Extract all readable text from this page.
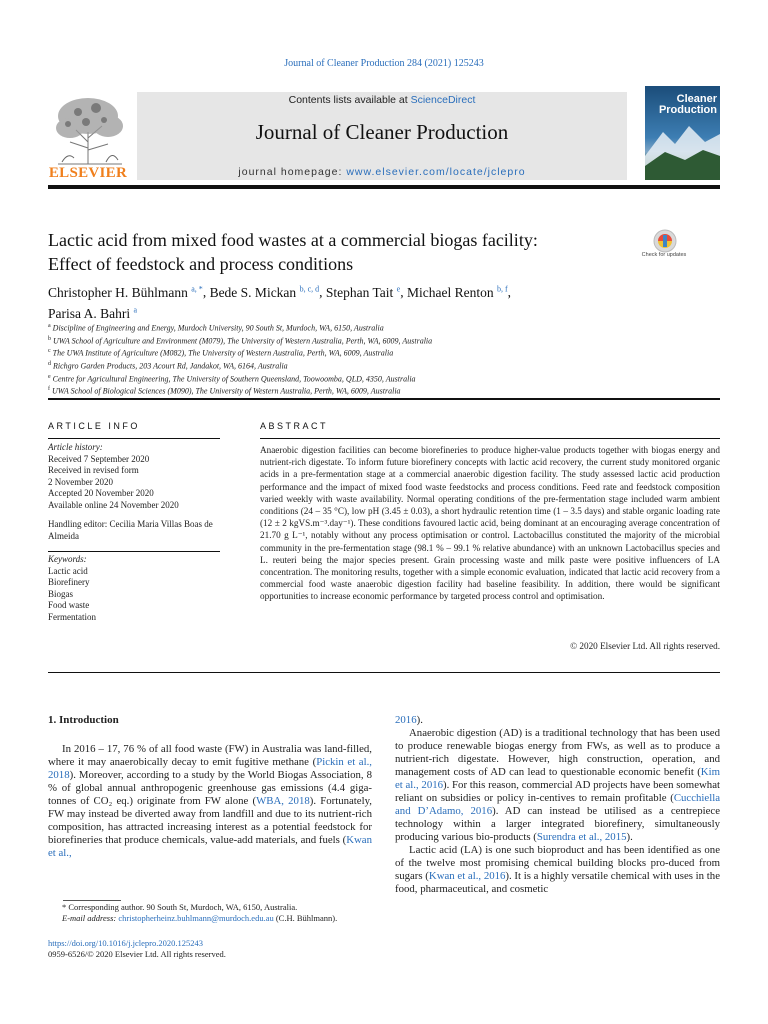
Journal of Cleaner Production 284 (2021) 125243
ELSEVIER
Contents lists available at ScienceDirect
Journal of Cleaner Production
journal homepage: www.elsevier.com/locate/jclepro
Cleaner
Production
Lactic acid from mixed food wastes at a commercial biogas facility:
Effect of feedstock and process conditions	Check for updates
Christopher H. Bühlmann $^{a, *}$, Bede S. Mickan $^{b, c, d}$, Stephan Tait $^e$, Michael Renton $^{b, f}$,
Parisa A. Bahri $^a$
$^a$ Discipline of Engineering and Energy, Murdoch University, 90 South St, Murdoch, WA, 6150, Australia
$^b$ UWA School of Agriculture and Environment (M079), The University of Western Australia, Perth, WA, 6009, Australia
$^c$ The UWA Institute of Agriculture (M082), The University of Western Australia, Perth, WA, 6009, Australia
$^d$ Richgro Garden Products, 203 Acourt Rd, Jandakot, WA, 6164, Australia
$^e$ Centre for Agricultural Engineering, The University of Southern Queensland, Toowoomba, QLD, 4350, Australia
$^f$ UWA School of Biological Sciences (M090), The University of Western Australia, Perth, WA, 6009, Australia
ARTICLE INFO	ABSTRACT
Article history:
Received 7 September 2020
Received in revised form
2 November 2020
Accepted 20 November 2020
Available online 24 November 2020
Handling editor: Cecilia Maria Villas Boas de Almeida
Keywords:
Lactic acid
Biorefinery
Biogas
Food waste
Fermentation
Anaerobic digestion facilities can become biorefineries to produce higher-value products together with biogas energy and nutrient-rich digestate. To inform future biorefinery concepts with lactic acid recovery, the current study monitored organic acids in a pre-fermentation stage at a commercial anaerobic digestion facility. The study assessed lactic acid production performance and the impact of mixed food waste feedstocks and process conditions. Feed rate and feedstock composition varied weekly with waste availability. Normal operating conditions of the pre-fermentation stage included warm ambient conditions (24 – 35 °C), low pH (3.45 ± 0.03), a short hydraulic retention time (1 – 3.5 days) and stable organic loading rate (12 ± 2 kgVS.m⁻³.day⁻¹). These conditions favoured lactic acid, being dominant at an encouraging average concentration of 21.70 g L⁻¹, notably without any process optimisation or control. Lactobacillus constituted the majority of the microbial community in the pre-fermentation stage (98.1 % – 99.1 % relative abundance) with an unknown Lactobacillus species and L. reuteri being the major species present. Grain processing waste and milk paste were positive influencers of LA concentration. The monitoring results, together with a simple economic evaluation, indicated that lactic acid recovery from a commercial food waste anaerobic digestion facility had baseline feasibility. In addition, there would be significant opportunities to increase economic performance by targeted process control and optimisation.
© 2020 Elsevier Ltd. All rights reserved.
1. Introduction

In 2016 – 17, 76 % of all food waste (FW) in Australia was land-filled, where it may anaerobically decay to emit fugitive methane (Pickin et al., 2018). Moreover, according to a study by the World Biogas Association, 8 % of global annual anthropogenic greenhouse gas emissions (4.4 giga-tonnes of CO₂ eq.) originate from FW alone (WBA, 2018). Fortunately, FW may instead be diverted away from landfill and due to its nutrient-rich composition, has attracted increasing interest as a potential feedstock for biorefineries that produce chemicals, value-add materials, and fuels (Kwan et al.,

2016).

Anaerobic digestion (AD) is a traditional technology that has been used to produce renewable biogas energy from FWs, as well as to produce a nutrient-rich digestate. However, high construction, operation, and management costs of AD can lead to questionable economic benefit (Kim et al., 2016). For this reason, commercial AD projects have been somewhat reliant on subsidies or policy in-centives to remain profitable (Cucchiella and D’Adamo, 2016). AD can instead be utilised as a centrepiece technology within a larger integrated biorefinery, simultaneously producing various bio-products (Surendra et al., 2015).

Lactic acid (LA) is one such bioproduct and has been identified as one of the twelve most promising chemical building blocks pro-duced from sugars (Kwan et al., 2016). It is a highly versatile chemical with uses in the food, pharmaceutical, and cosmetic

* Corresponding author. 90 South St, Murdoch, WA, 6150, Australia.
E-mail address: christopherheinz.buhlmann@murdoch.edu.au (C.H. Bühlmann).
https://doi.org/10.1016/j.jclepro.2020.125243
0959-6526/© 2020 Elsevier Ltd. All rights reserved.
